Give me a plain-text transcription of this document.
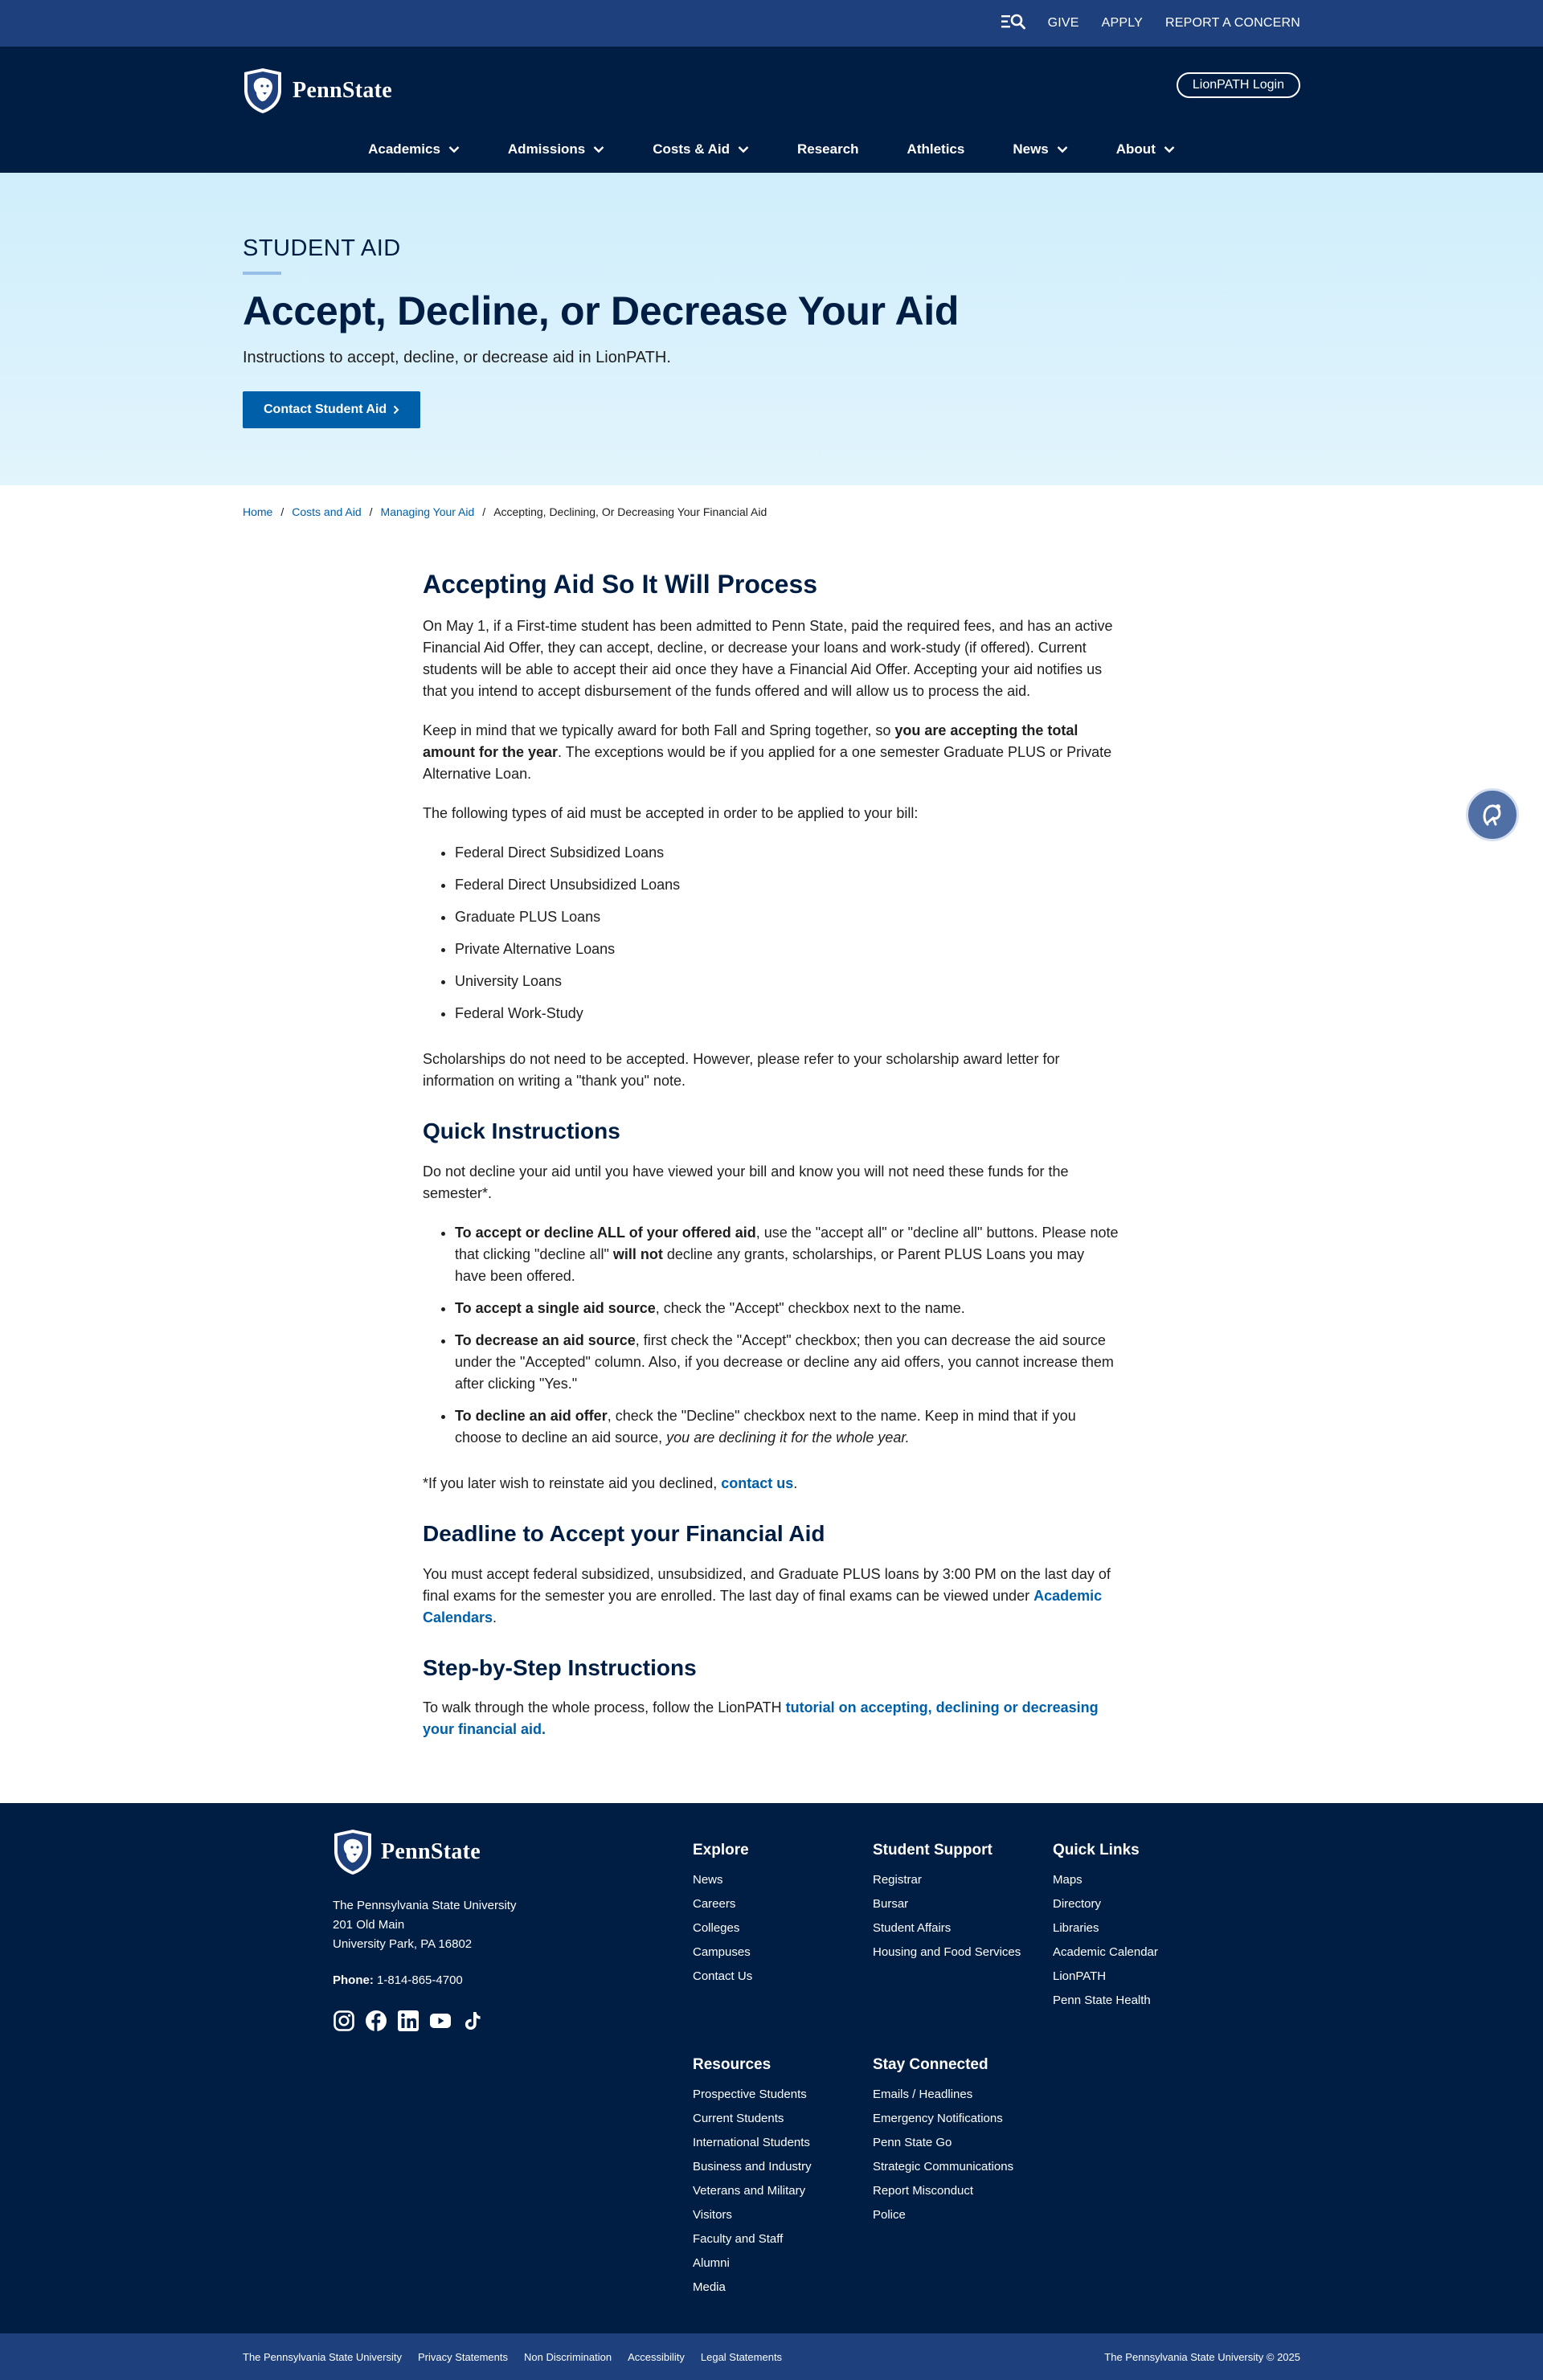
GIVE APPLY REPORT A CONCERN
PennState	LionPATH Login
Academics	Admissions	Costs & Aid	Research	Athletics	News	About
STUDENT AID
Accept, Decline, or Decrease Your Aid

Instructions to accept, decline, or decrease aid in LionPATH.

Contact Student Aid
Home / Costs and Aid / Managing Your Aid / Accepting, Declining, Or Decreasing Your Financial Aid
Accepting Aid So It Will Process

On May 1, if a First-time student has been admitted to Penn State, paid the required fees, and has an active Financial Aid Offer, they can accept, decline, or decrease your loans and work-study (if offered). Current students will be able to accept their aid once they have a Financial Aid Offer. Accepting your aid notifies us that you intend to accept disbursement of the funds offered and will allow us to process the aid.

Keep in mind that we typically award for both Fall and Spring together, so you are accepting the total amount for the year. The exceptions would be if you applied for a one semester Graduate PLUS or Private Alternative Loan.

The following types of aid must be accepted in order to be applied to your bill:

• Federal Direct Subsidized Loans
• Federal Direct Unsubsidized Loans
• Graduate PLUS Loans
• Private Alternative Loans
• University Loans
• Federal Work-Study

Scholarships do not need to be accepted. However, please refer to your scholarship award letter for information on writing a "thank you" note.

Quick Instructions

Do not decline your aid until you have viewed your bill and know you will not need these funds for the semester*.

• To accept or decline ALL of your offered aid, use the "accept all" or "decline all" buttons. Please note that clicking "decline all" will not decline any grants, scholarships, or Parent PLUS Loans you may have been offered.
• To accept a single aid source, check the "Accept" checkbox next to the name.
• To decrease an aid source, first check the "Accept" checkbox; then you can decrease the aid source under the "Accepted" column. Also, if you decrease or decline any aid offers, you cannot increase them after clicking "Yes."
• To decline an aid offer, check the "Decline" checkbox next to the name. Keep in mind that if you choose to decline an aid source, you are declining it for the whole year.

*If you later wish to reinstate aid you declined, contact us.

Deadline to Accept your Financial Aid

You must accept federal subsidized, unsubsidized, and Graduate PLUS loans by 3:00 PM on the last day of final exams for the semester you are enrolled. The last day of final exams can be viewed under Academic Calendars.

Step-by-Step Instructions

To walk through the whole process, follow the LionPATH tutorial on accepting, declining or decreasing your financial aid.

PennState
The Pennsylvania State University
201 Old Main
University Park, PA 16802
Phone: 1-814-865-4700
Explore
News
Careers
Colleges
Campuses
Contact Us
Student Support
Registrar
Bursar
Student Affairs
Housing and Food Services
Quick Links
Maps
Directory
Libraries
Academic Calendar
LionPATH
Penn State Health
Resources
Prospective Students
Current Students
International Students
Business and Industry
Veterans and Military
Visitors
Faculty and Staff
Alumni
Media
Stay Connected
Emails / Headlines
Emergency Notifications
Penn State Go
Strategic Communications
Report Misconduct
Police
The Pennsylvania State University Privacy Statements Non Discrimination Accessibility Legal Statements	The Pennsylvania State University © 2025
